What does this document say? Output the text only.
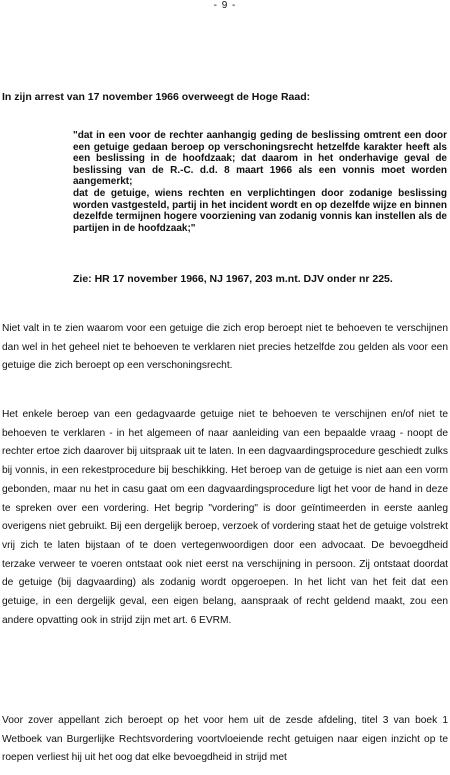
- 9 -
In zijn arrest van 17 november 1966 overweegt de Hoge Raad:

"dat in een voor de rechter aanhangig geding de beslissing omtrent een door een getuige gedaan beroep op verschoningsrecht hetzelfde karakter heeft als een beslissing in de hoofdzaak; dat daarom in het onderhavige geval de beslissing van de R.-C. d.d. 8 maart 1966 als een vonnis moet worden aangemerkt;

dat de getuige, wiens rechten en verplichtingen door zodanige beslissing worden vastgesteld, partij in het incident wordt en op dezelfde wijze en binnen dezelfde termijnen hogere voorziening van zodanig vonnis kan instellen als de partijen in de hoofdzaak;"

Zie: HR 17 november 1966, NJ 1967, 203 m.nt. DJV onder nr 225.

Niet valt in te zien waarom voor een getuige die zich erop beroept niet te behoeven te verschijnen dan wel in het geheel niet te behoeven te verklaren niet precies hetzelfde zou gelden als voor een getuige die zich beroept op een verschoningsrecht.

Het enkele beroep van een gedagvaarde getuige niet te behoeven te verschijnen en/of niet te behoeven te verklaren - in het algemeen of naar aanleiding van een bepaalde vraag - noopt de rechter ertoe zich daarover bij uitspraak uit te laten. In een dagvaardingsprocedure geschiedt zulks bij vonnis, in een rekestprocedure bij beschikking. Het beroep van de getuige is niet aan een vorm gebonden, maar nu het in casu gaat om een dagvaardingsprocedure ligt het voor de hand in deze te spreken over een vordering. Het begrip "vordering" is door geïntimeerden in eerste aanleg overigens niet gebruikt. Bij een dergelijk beroep, verzoek of vordering staat het de getuige volstrekt vrij zich te laten bijstaan of te doen vertegenwoordigen door een advocaat. De bevoegdheid terzake verweer te voeren ontstaat ook niet eerst na verschijning in persoon. Zij ontstaat doordat de getuige (bij dagvaarding) als zodanig wordt opgeroepen. In het licht van het feit dat een getuige, in een dergelijk geval, een eigen belang, aanspraak of recht geldend maakt, zou een andere opvatting ook in strijd zijn met art. 6 EVRM.

Voor zover appellant zich beroept op het voor hem uit de zesde afdeling, titel 3 van boek 1 Wetboek van Burgerlijke Rechtsvordering voortvloeiende recht getuigen naar eigen inzicht op te roepen verliest hij uit het oog dat elke bevoegdheid in strijd met
